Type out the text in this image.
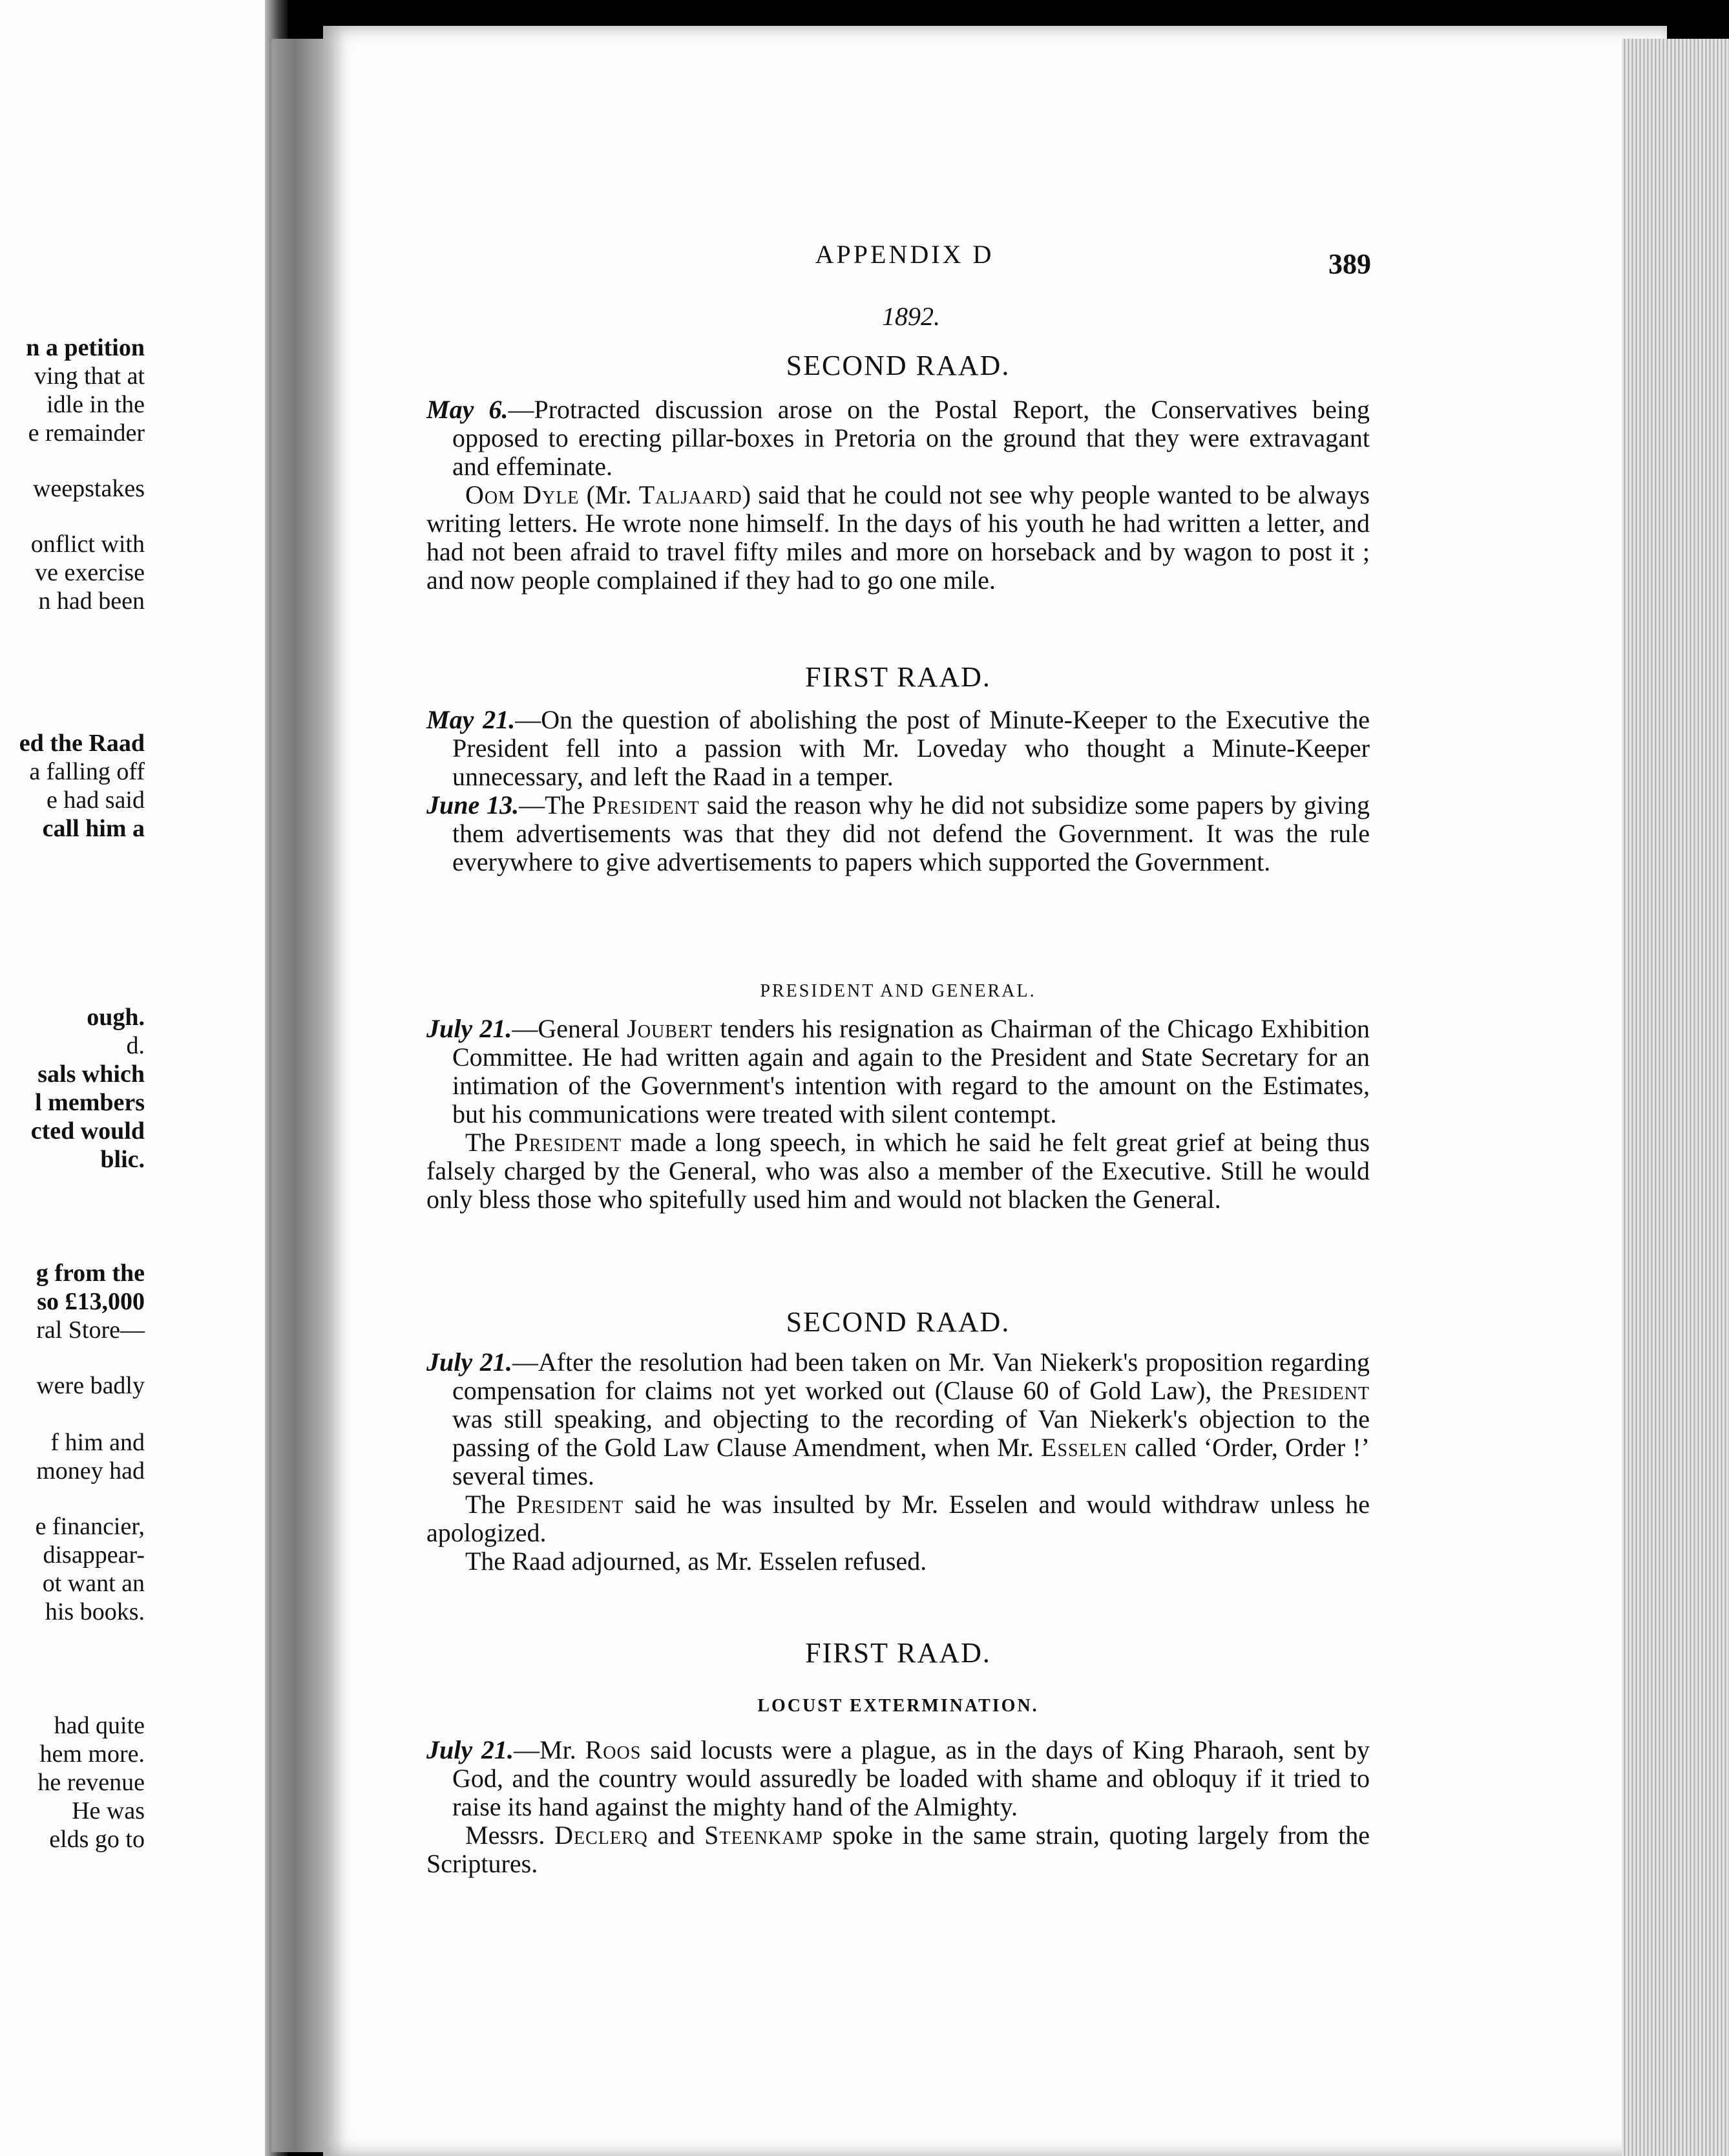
n a petition
ving that at
idle in the
e remainder
weepstakes
onflict with
ve exercise
n had been
ed the Raad
a falling off
e had said
call him a
ough.
d.
sals which
l members
cted would
blic.
g from the
so £13,000
ral Store—
were badly
f him and
money had
e financier,
disappear-
ot want an
his books.
had quite
hem more.
he revenue
He was
elds go to
APPENDIX D	389
1892.
SECOND RAAD.

May 6.—Protracted discussion arose on the Postal Report, the Conservatives being opposed to erecting pillar-boxes in Pretoria on the ground that they were extravagant and effeminate.

Oom Dyle (Mr. Taljaard) said that he could not see why people wanted to be always writing letters. He wrote none himself. In the days of his youth he had written a letter, and had not been afraid to travel fifty miles and more on horseback and by wagon to post it ; and now people complained if they had to go one mile.

FIRST RAAD.

May 21.—On the question of abolishing the post of Minute-Keeper to the Executive the President fell into a passion with Mr. Loveday who thought a Minute-Keeper unnecessary, and left the Raad in a temper.

June 13.—The President said the reason why he did not subsidize some papers by giving them advertisements was that they did not defend the Government. It was the rule everywhere to give advertisements to papers which supported the Government.

PRESIDENT AND GENERAL.

July 21.—General Joubert tenders his resignation as Chairman of the Chicago Exhibition Committee. He had written again and again to the President and State Secretary for an intimation of the Government's intention with regard to the amount on the Estimates, but his communications were treated with silent contempt.

The President made a long speech, in which he said he felt great grief at being thus falsely charged by the General, who was also a member of the Executive. Still he would only bless those who spitefully used him and would not blacken the General.

SECOND RAAD.

July 21.—After the resolution had been taken on Mr. Van Niekerk's proposition regarding compensation for claims not yet worked out (Clause 60 of Gold Law), the President was still speaking, and objecting to the recording of Van Niekerk's objection to the passing of the Gold Law Clause Amendment, when Mr. Esselen called ‘Order, Order !’ several times.

The President said he was insulted by Mr. Esselen and would withdraw unless he apologized.

The Raad adjourned, as Mr. Esselen refused.

FIRST RAAD.
LOCUST EXTERMINATION.

July 21.—Mr. Roos said locusts were a plague, as in the days of King Pharaoh, sent by God, and the country would assuredly be loaded with shame and obloquy if it tried to raise its hand against the mighty hand of the Almighty.

Messrs. Declerq and Steenkamp spoke in the same strain, quoting largely from the Scriptures.
